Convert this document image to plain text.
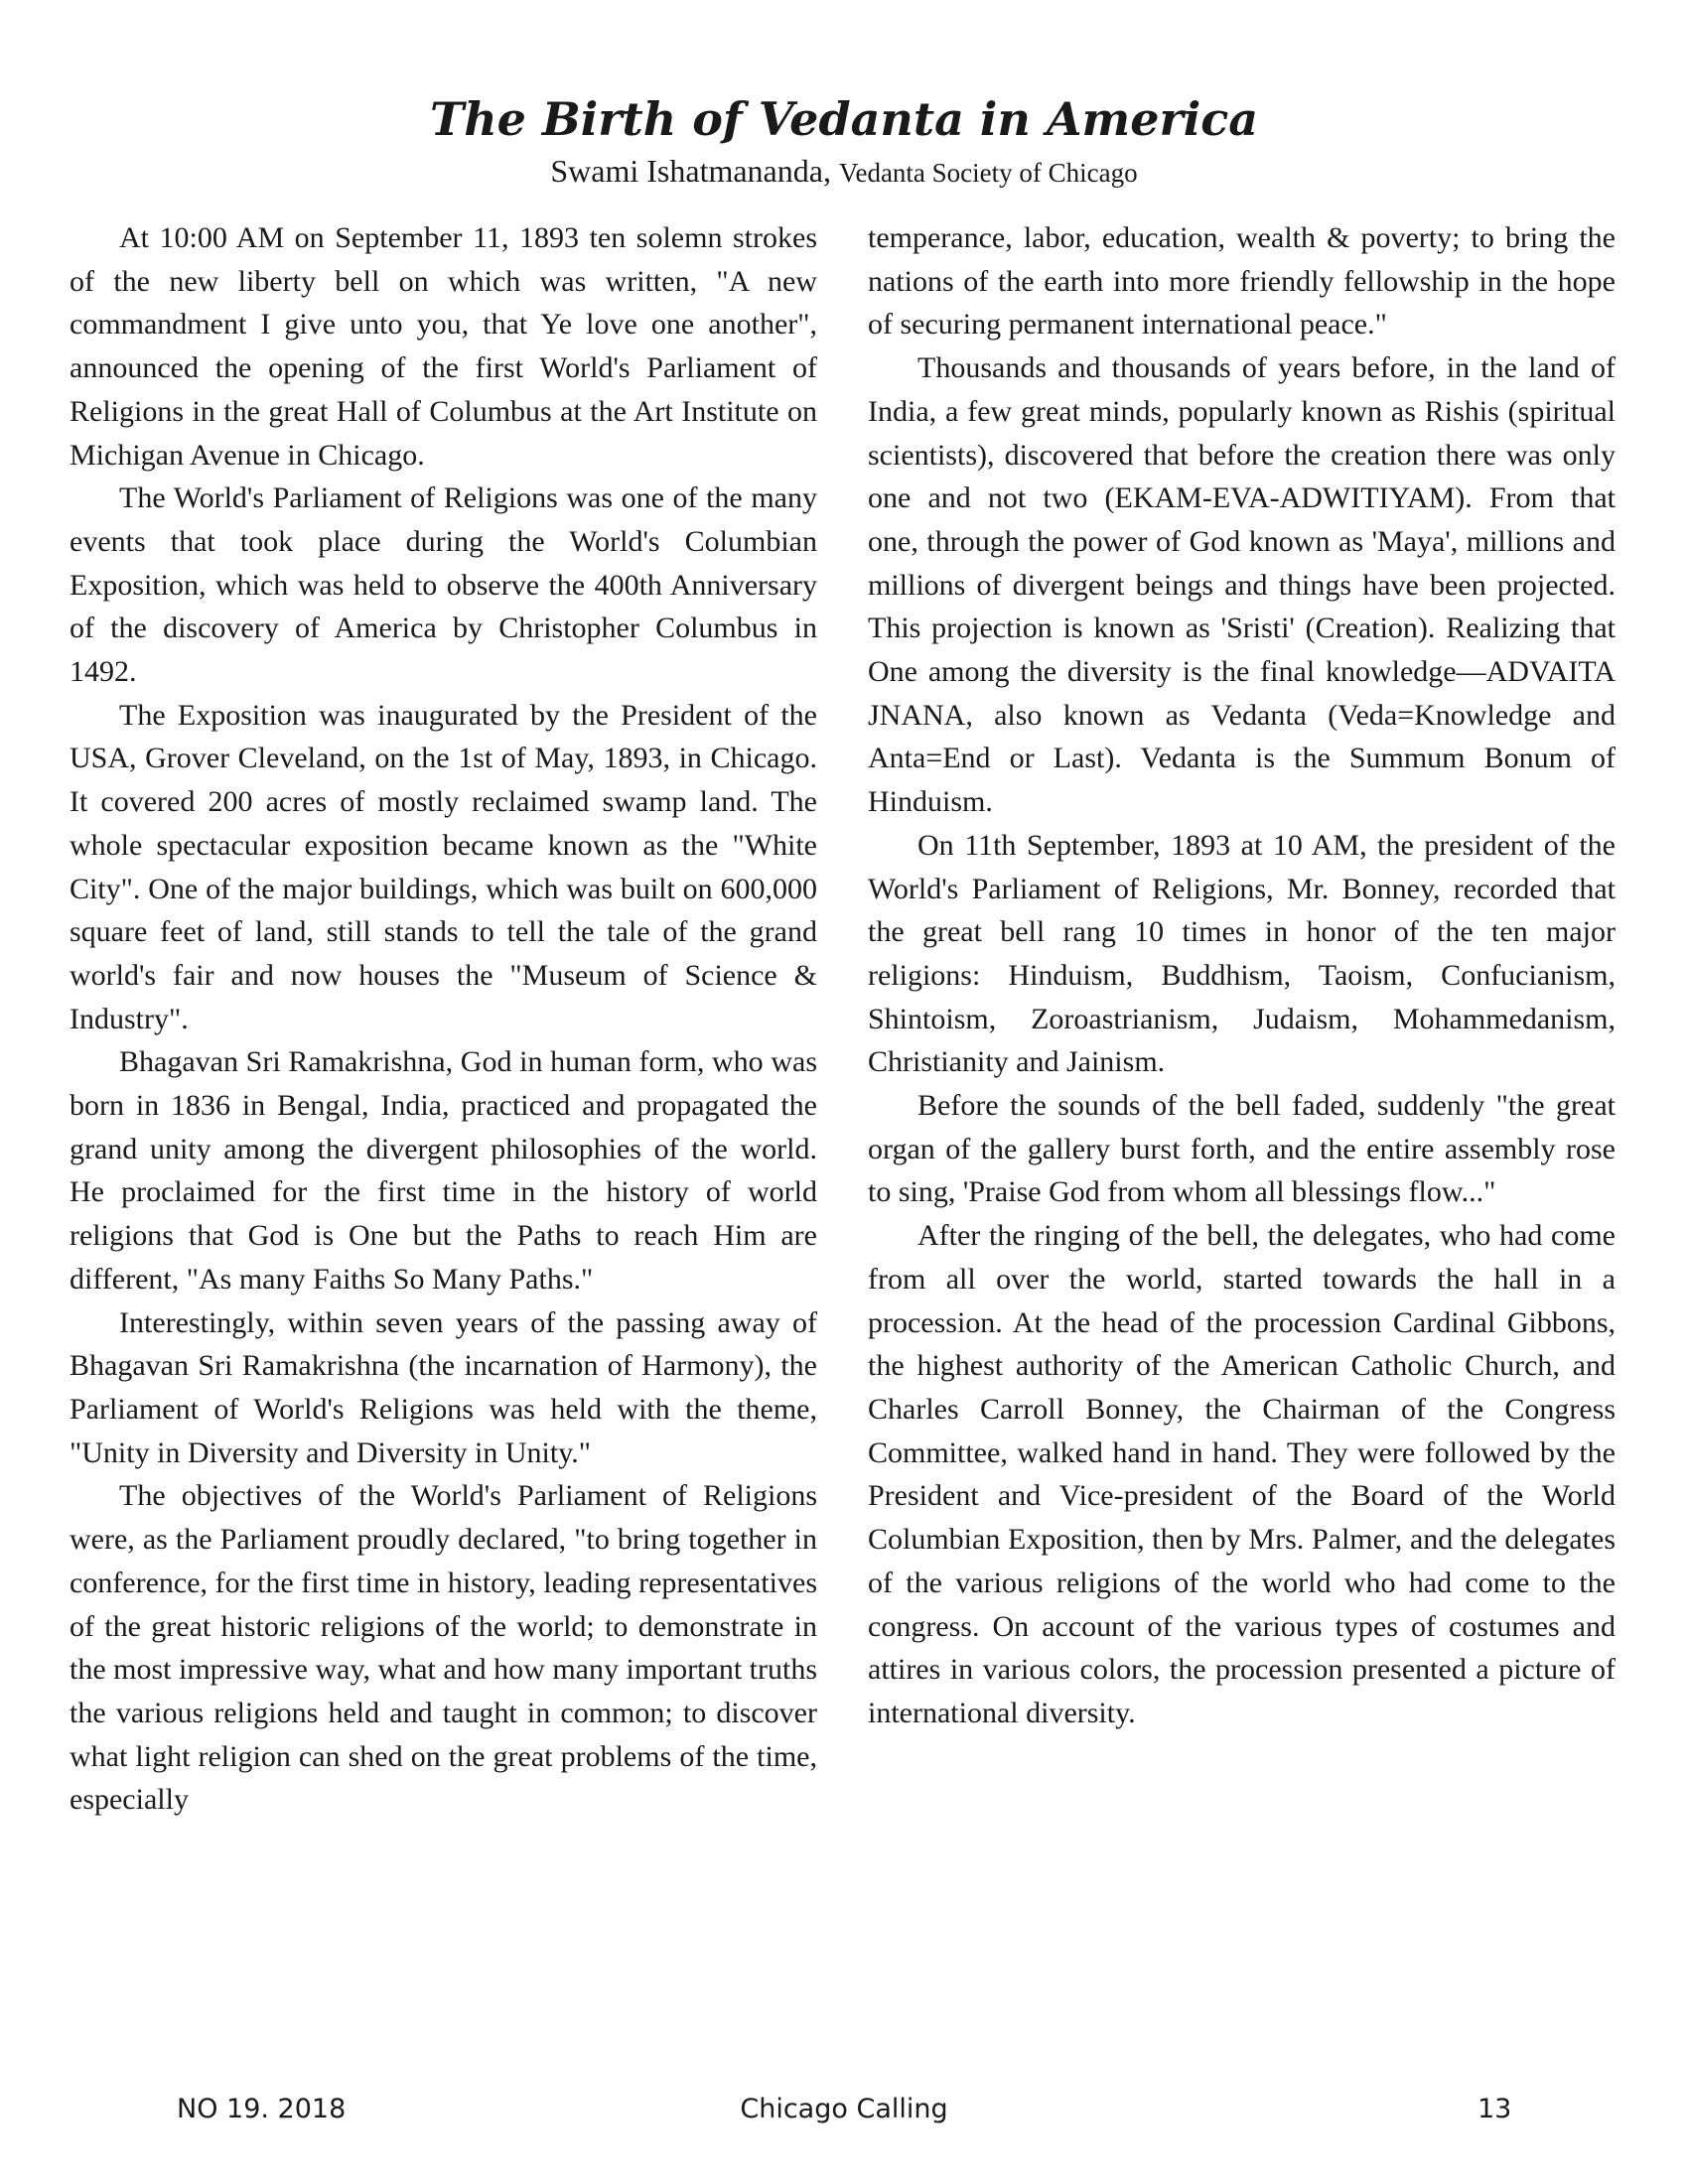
The Birth of Vedanta in America
Swami Ishatmananda, Vedanta Society of Chicago

At 10:00 AM on September 11, 1893 ten solemn strokes of the new liberty bell on which was written, "A new commandment I give unto you, that Ye love one another", announced the opening of the first World's Parliament of Religions in the great Hall of Columbus at the Art Institute on Michigan Avenue in Chicago.

The World's Parliament of Religions was one of the many events that took place during the World's Columbian Exposition, which was held to observe the 400th Anniversary of the discovery of America by Christopher Columbus in 1492.

The Exposition was inaugurated by the President of the USA, Grover Cleveland, on the 1st of May, 1893, in Chicago. It covered 200 acres of mostly reclaimed swamp land. The whole spectacular exposition became known as the "White City". One of the major buildings, which was built on 600,000 square feet of land, still stands to tell the tale of the grand world's fair and now houses the "Museum of Science & Industry".

Bhagavan Sri Ramakrishna, God in human form, who was born in 1836 in Bengal, India, practiced and propagated the grand unity among the divergent philosophies of the world. He proclaimed for the first time in the history of world religions that God is One but the Paths to reach Him are different, "As many Faiths So Many Paths."

Interestingly, within seven years of the passing away of Bhagavan Sri Ramakrishna (the incarnation of Harmony), the Parliament of World's Religions was held with the theme, "Unity in Diversity and Diversity in Unity."

The objectives of the World's Parliament of Religions were, as the Parliament proudly declared, "to bring together in conference, for the first time in history, leading representatives of the great historic religions of the world; to demonstrate in the most impressive way, what and how many important truths the various religions held and taught in common; to discover what light religion can shed on the great problems of the time, especially

temperance, labor, education, wealth & poverty; to bring the nations of the earth into more friendly fellowship in the hope of securing permanent international peace."

Thousands and thousands of years before, in the land of India, a few great minds, popularly known as Rishis (spiritual scientists), discovered that before the creation there was only one and not two (EKAM-EVA-ADWITIYAM). From that one, through the power of God known as 'Maya', millions and millions of divergent beings and things have been projected. This projection is known as 'Sristi' (Creation). Realizing that One among the diversity is the final knowledge—ADVAITA JNANA, also known as Vedanta (Veda=Knowledge and Anta=End or Last). Vedanta is the Summum Bonum of Hinduism.

On 11th September, 1893 at 10 AM, the president of the World's Parliament of Religions, Mr. Bonney, recorded that the great bell rang 10 times in honor of the ten major religions: Hinduism, Buddhism, Taoism, Confucianism, Shintoism, Zoroastrianism, Judaism, Mohammedanism, Christianity and Jainism.

Before the sounds of the bell faded, suddenly "the great organ of the gallery burst forth, and the entire assembly rose to sing, 'Praise God from whom all blessings flow..."

After the ringing of the bell, the delegates, who had come from all over the world, started towards the hall in a procession. At the head of the procession Cardinal Gibbons, the highest authority of the American Catholic Church, and Charles Carroll Bonney, the Chairman of the Congress Committee, walked hand in hand. They were followed by the President and Vice-president of the Board of the World Columbian Exposition, then by Mrs. Palmer, and the delegates of the various religions of the world who had come to the congress. On account of the various types of costumes and attires in various colors, the procession presented a picture of international diversity.

NO 19. 2018	Chicago Calling	13
